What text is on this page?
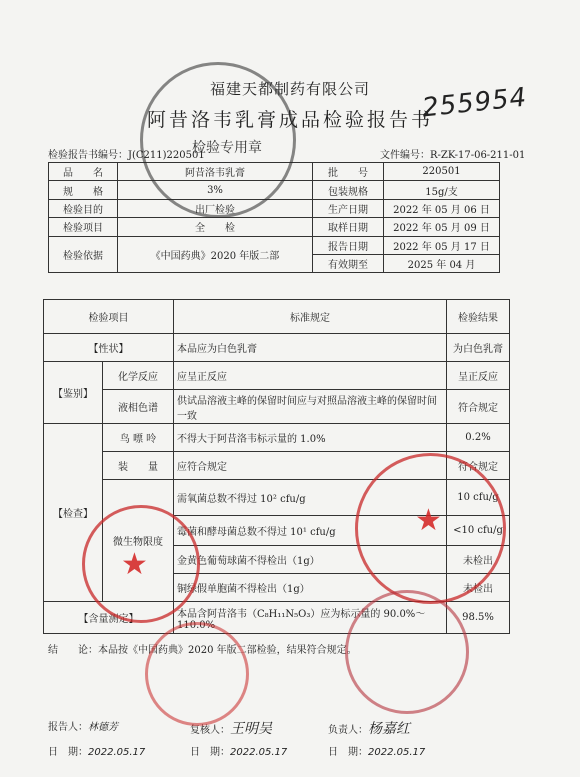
福建天都制药有限公司
阿昔洛韦乳膏成品检验报告书
255954
检验报告书编号：J(C211)220501	文件编号：R-ZK-17-06-211-01
品　　名	阿昔洛韦乳膏	批　　号	220501
规　　格	3%	包装规格	15g/支
检验目的	出厂检验	生产日期	2022 年 05 月 06 日
检验项目	全　　检	取样日期	2022 年 05 月 09 日
检验依据	《中国药典》2020 年版二部	报告日期	2022 年 05 月 17 日
		有效期至	2025 年 04 月
检验项目		标准规定	检验结果
【性状】		本品应为白色乳膏	为白色乳膏
【鉴别】	化学反应	应呈正反应	呈正反应
	液相色谱	供试品溶液主峰的保留时间应与对照品溶液主峰的保留时间一致	符合规定
【检查】	鸟 嘌 呤	不得大于阿昔洛韦标示量的 1.0%	0.2%
	装　　量	应符合规定	符合规定
	微生物限度	需氧菌总数不得过 10² cfu/g	10 cfu/g
		霉菌和酵母菌总数不得过 10¹ cfu/g	<10 cfu/g
		金黄色葡萄球菌不得检出（1g）	未检出
		铜绿假单胞菌不得检出（1g）	未检出
【含量测定】		本品含阿昔洛韦（C₈H₁₁N₅O₃）应为标示量的 90.0%～110.0%	98.5%
结　　论：本品按《中国药典》2020 年版二部检验，结果符合规定。
报告人：林德芳	复核人：王明吴	负责人：杨嘉红
日　期：2022.05.17	日　期：2022.05.17	日　期：2022.05.17
检验专用章
★
★
